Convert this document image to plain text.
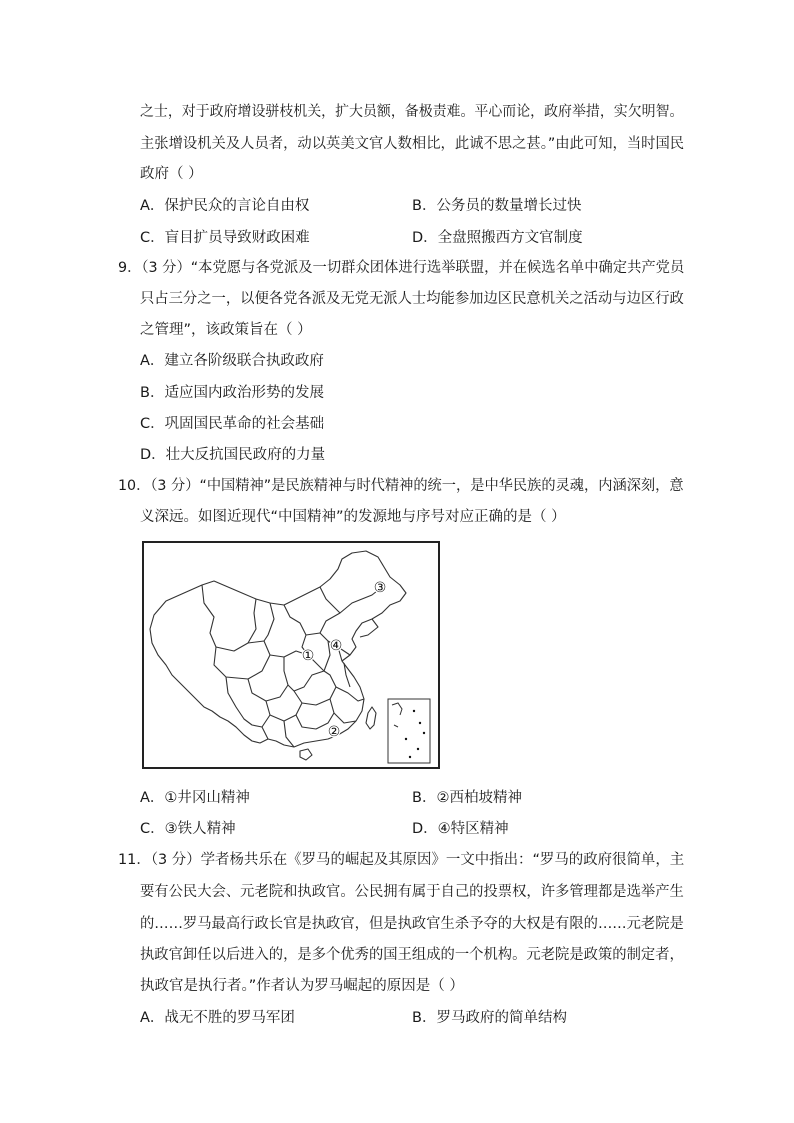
之士，对于政府增设骈枝机关，扩大员额，备极责难。平心而论，政府举措，实欠明智。
主张增设机关及人员者，动以英美文官人数相比，此诚不思之甚。”由此可知，当时国民
政府（ ）
A．保护民众的言论自由权	B．公务员的数量增长过快
C．盲目扩员导致财政困难	D．全盘照搬西方文官制度
9．（3 分）“本党愿与各党派及一切群众团体进行选举联盟，并在候选名单中确定共产党员
只占三分之一，以便各党各派及无党无派人士均能参加边区民意机关之活动与边区行政
之管理”，该政策旨在（ ）
A．建立各阶级联合执政政府
B．适应国内政治形势的发展
C．巩固国民革命的社会基础
D．壮大反抗国民政府的力量
10．（3 分）“中国精神”是民族精神与时代精神的统一，是中华民族的灵魂，内涵深刻，意
义深远。如图近现代“中国精神”的发源地与序号对应正确的是（ ）
③
④
①
②
A．①井冈山精神	B．②西柏坡精神
C．③铁人精神	D．④特区精神
11．（3 分）学者杨共乐在《罗马的崛起及其原因》一文中指出：“罗马的政府很简单，主
要有公民大会、元老院和执政官。公民拥有属于自己的投票权，许多管理都是选举产生
的……罗马最高行政长官是执政官，但是执政官生杀予夺的大权是有限的……元老院是
执政官卸任以后进入的，是多个优秀的国王组成的一个机构。元老院是政策的制定者，
执政官是执行者。”作者认为罗马崛起的原因是（ ）
A．战无不胜的罗马军团	B．罗马政府的简单结构
